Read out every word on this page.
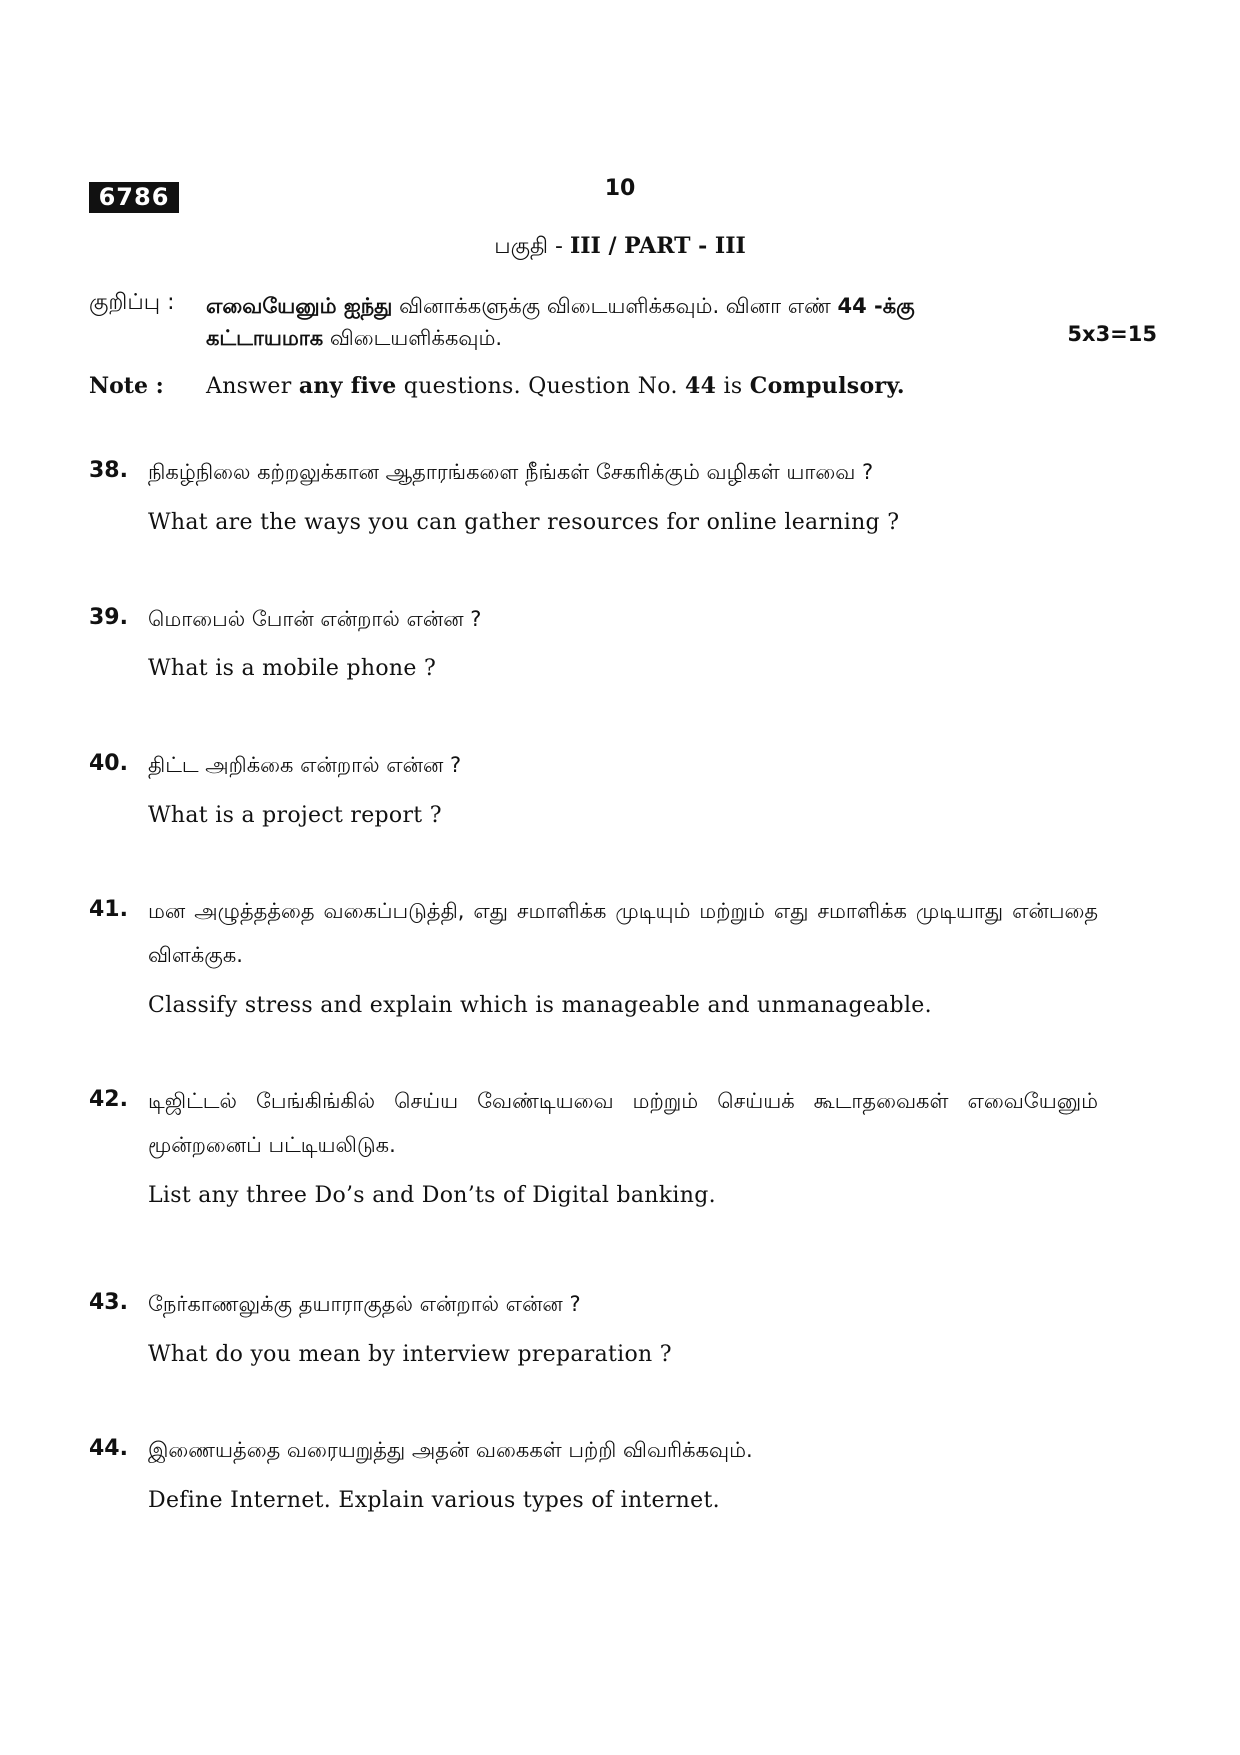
6786	10
பகுதி - III / PART - III
குறிப்பு : எவையேனும் ஐந்து வினாக்களுக்கு விடையளிக்கவும். வினா எண் 44 -க்கு
கட்டாயமாக விடையளிக்கவும்.	5x3=15
Note : Answer any five questions. Question No. 44 is Compulsory.
38. நிகழ்நிலை கற்றலுக்கான ஆதாரங்களை நீங்கள் சேகரிக்கும் வழிகள் யாவை ?
What are the ways you can gather resources for online learning ?
39. மொபைல் போன் என்றால் என்ன ?
What is a mobile phone ?
40. திட்ட அறிக்கை என்றால் என்ன ?
What is a project report ?
41. மன அழுத்தத்தை வகைப்படுத்தி, எது சமாளிக்க முடியும் மற்றும் எது சமாளிக்க முடியாது என்பதை விளக்குக.
Classify stress and explain which is manageable and unmanageable.
42. டிஜிட்டல் பேங்கிங்கில் செய்ய வேண்டியவை மற்றும் செய்யக் கூடாதவைகள் எவையேனும் மூன்றனைப் பட்டியலிடுக.
List any three Do’s and Don’ts of Digital banking.
43. நேர்காணலுக்கு தயாராகுதல் என்றால் என்ன ?
What do you mean by interview preparation ?
44. இணையத்தை வரையறுத்து அதன் வகைகள் பற்றி விவரிக்கவும்.
Define Internet. Explain various types of internet.
